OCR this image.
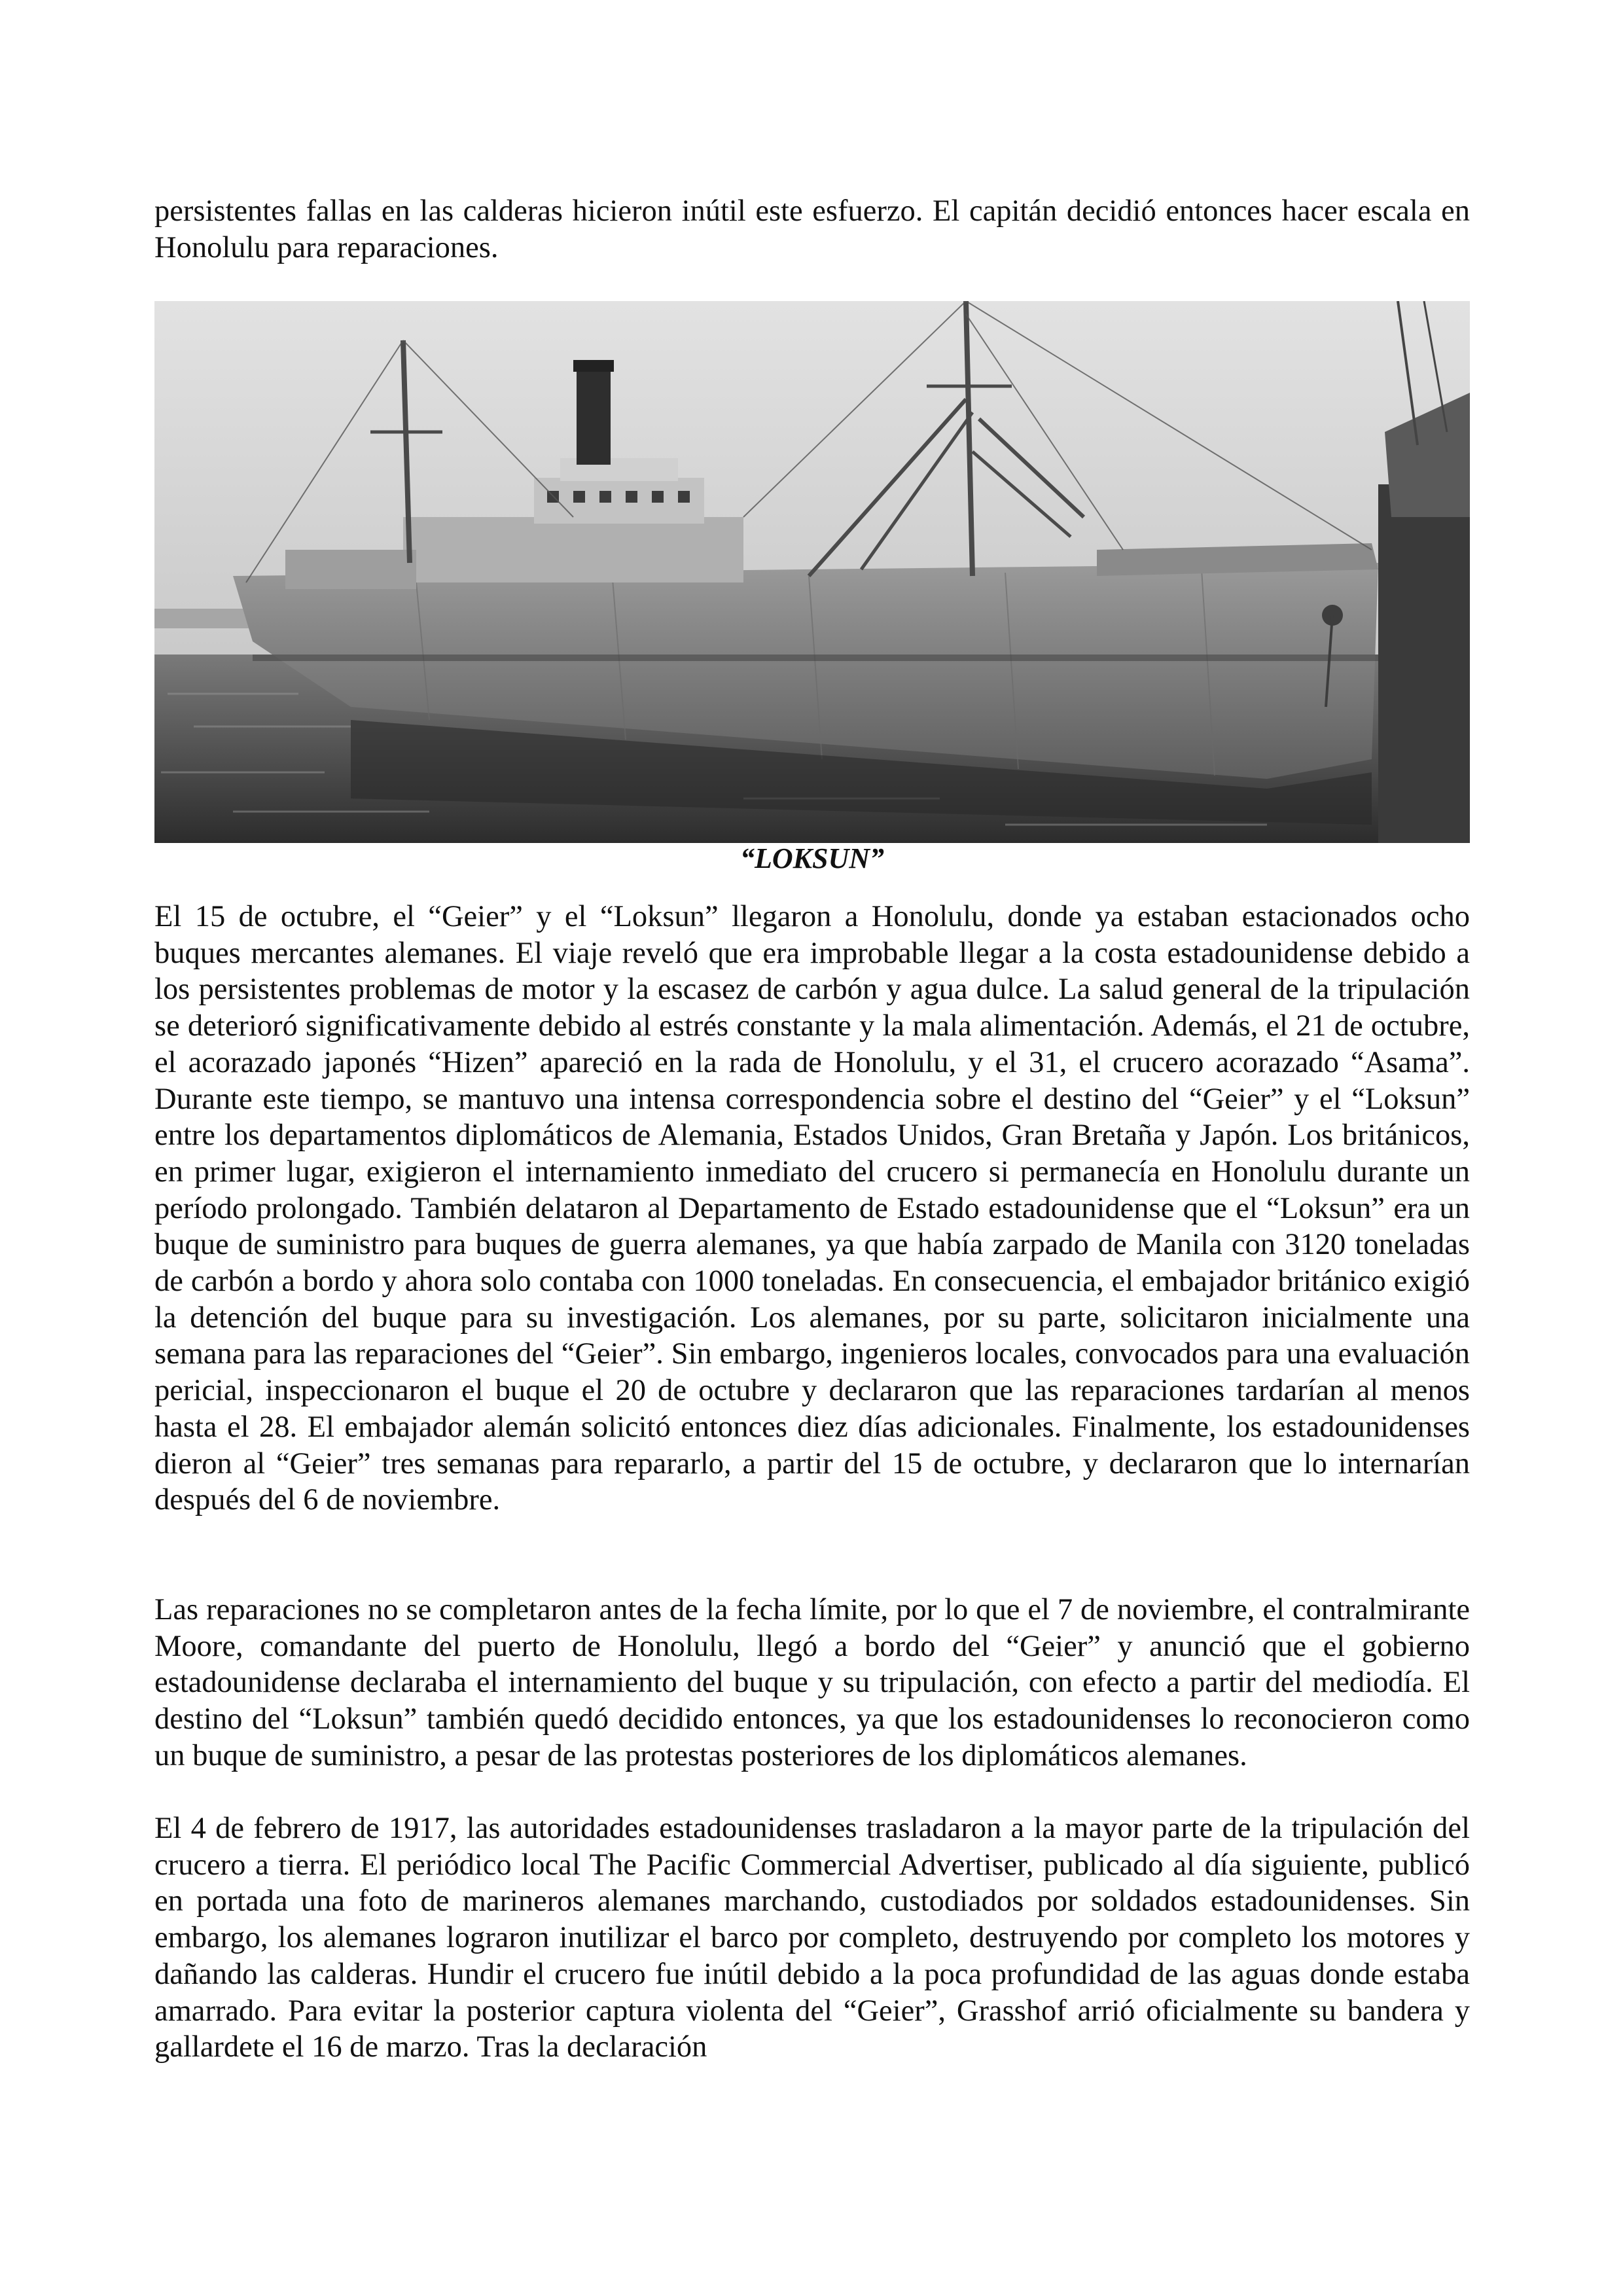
persistentes fallas en las calderas hicieron inútil este esfuerzo. El capitán decidió entonces hacer escala en Honolulu para reparaciones.

“LOKSUN”

El 15 de octubre, el “Geier” y el “Loksun” llegaron a Honolulu, donde ya estaban estacionados ocho buques mercantes alemanes. El viaje reveló que era improbable llegar a la costa estadounidense debido a los persistentes problemas de motor y la escasez de carbón y agua dulce. La salud general de la tripulación se deterioró significativamente debido al estrés constante y la mala alimentación. Además, el 21 de octubre, el acorazado japonés “Hizen” apareció en la rada de Honolulu, y el 31, el crucero acorazado “Asama”. Durante este tiempo, se mantuvo una intensa correspondencia sobre el destino del “Geier” y el “Loksun” entre los departamentos diplomáticos de Alemania, Estados Unidos, Gran Bretaña y Japón. Los británicos, en primer lugar, exigieron el internamiento inmediato del crucero si permanecía en Honolulu durante un período prolongado. También delataron al Departamento de Estado estadounidense que el “Loksun” era un buque de suministro para buques de guerra alemanes, ya que había zarpado de Manila con 3120 toneladas de carbón a bordo y ahora solo contaba con 1000 toneladas. En consecuencia, el embajador británico exigió la detención del buque para su investigación. Los alemanes, por su parte, solicitaron inicialmente una semana para las reparaciones del “Geier”. Sin embargo, ingenieros locales, convocados para una evaluación pericial, inspeccionaron el buque el 20 de octubre y declararon que las reparaciones tardarían al menos hasta el 28. El embajador alemán solicitó entonces diez días adicionales. Finalmente, los estadounidenses dieron al “Geier” tres semanas para repararlo, a partir del 15 de octubre, y declararon que lo internarían después del 6 de noviembre.

Las reparaciones no se completaron antes de la fecha límite, por lo que el 7 de noviembre, el contralmirante Moore, comandante del puerto de Honolulu, llegó a bordo del “Geier” y anunció que el gobierno estadounidense declaraba el internamiento del buque y su tripulación, con efecto a partir del mediodía. El destino del “Loksun” también quedó decidido entonces, ya que los estadounidenses lo reconocieron como un buque de suministro, a pesar de las protestas posteriores de los diplomáticos alemanes.

El 4 de febrero de 1917, las autoridades estadounidenses trasladaron a la mayor parte de la tripulación del crucero a tierra. El periódico local The Pacific Commercial Advertiser, publicado al día siguiente, publicó en portada una foto de marineros alemanes marchando, custodiados por soldados estadounidenses. Sin embargo, los alemanes lograron inutilizar el barco por completo, destruyendo por completo los motores y dañando las calderas. Hundir el crucero fue inútil debido a la poca profundidad de las aguas donde estaba amarrado. Para evitar la posterior captura violenta del “Geier”, Grasshof arrió oficialmente su bandera y gallardete el 16 de marzo. Tras la declaración
